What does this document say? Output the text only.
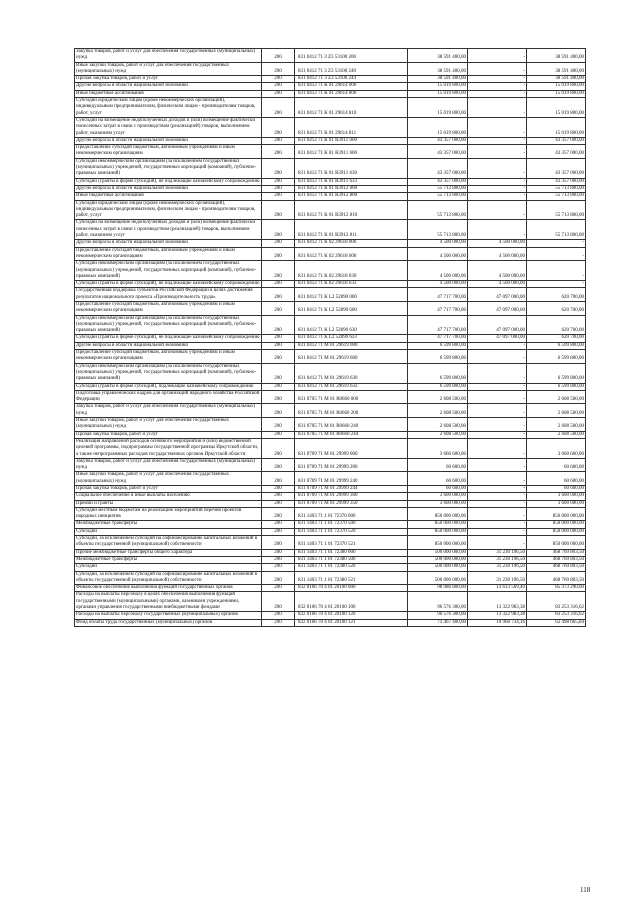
Закупка товаров, работ и услуг для обеспечения государственных (муниципальных) нужд	200	831 0412 71 3 Z3 53100 200	38 591 400,00	-	38 591 400,00
Иные закупки товаров, работ и услуг для обеспечения государственных (муниципальных) нужд	200	831 0412 71 3 Z3 53100 240	38 591 400,00	-	38 591 400,00
Прочая закупка товаров, работ и услуг	200	831 0412 71 3 Z3 53100 244	38 591 400,00	-	38 591 400,00
Другие вопросы в области национальной экономики	200	831 0412 71 К 01 29614 000	15 019 800,00	-	15 019 800,00
Иные бюджетные ассигнования	200	831 0412 71 К 01 29614 800	15 019 800,00	-	15 019 800,00
Субсидии юридическим лицам (кроме некоммерческих организаций), индивидуальным предпринимателям, физическим лицам - производителям товаров, работ, услуг	200	831 0412 71 К 01 29614 810	15 019 800,00	-	15 019 800,00
Субсидии на возмещение недополученных доходов и (или) возмещение фактически понесенных затрат в связи с производством (реализацией) товаров, выполнением работ, оказанием услуг	200	831 0412 71 К 01 29614 811	15 019 800,00	-	15 019 800,00
Другие вопросы в области национальной экономики	200	831 0412 71 К 01 R3911 000	43 357 000,00	-	43 357 000,00
Предоставление субсидий бюджетным, автономным учреждениям и иным некоммерческим организациям	200	831 0412 71 К 01 R3911 600	43 357 000,00	-	43 357 000,00
Субсидии некоммерческим организациям (за исключением государственных (муниципальных) учреждений, государственных корпораций (компаний), публично-правовых компаний)	200	831 0412 71 К 01 R3911 630	43 357 000,00	-	43 357 000,00
Субсидии (гранты в форме субсидий), не подлежащие казначейскому сопровождению	200	831 0412 71 К 01 R3911 633	43 357 000,00	-	43 357 000,00
Другие вопросы в области национальной экономики	200	831 0412 71 К 01 R3912 000	55 713 800,00	-	55 713 800,00
Иные бюджетные ассигнования	200	831 0412 71 К 01 R3912 800	55 713 800,00	-	55 713 800,00
Субсидии юридическим лицам (кроме некоммерческих организаций), индивидуальным предпринимателям, физическим лицам - производителям товаров, работ, услуг	200	831 0412 71 К 01 R3912 810	55 713 800,00	-	55 713 800,00
Субсидии на возмещение недополученных доходов и (или) возмещение фактически понесенных затрат в связи с производством (реализацией) товаров, выполнением работ, оказанием услуг	200	831 0412 71 К 01 R3912 811	55 713 800,00	-	55 713 800,00
Другие вопросы в области национальной экономики	200	831 0412 71 К 02 29618 000	4 500 000,00	4 500 000,00	-
Предоставление субсидий бюджетным, автономным учреждениям и иным некоммерческим организациям	200	831 0412 71 К 02 29618 600	4 500 000,00	4 500 000,00	-
Субсидии некоммерческим организациям (за исключением государственных (муниципальных) учреждений, государственных корпораций (компаний), публично-правовых компаний)	200	831 0412 71 К 02 29618 630	4 500 000,00	4 500 000,00	-
Субсидии (гранты в форме субсидий), не подлежащие казначейскому сопровождению	200	831 0412 71 К 02 29618 633	4 500 000,00	4 500 000,00	-
Государственная поддержка субъектов Российской Федерации в целях достижения результатов национального проекта «Производительность труда»	200	831 0412 71 К L2 52890 000	47 717 700,00	47 097 000,00	620 700,00
Предоставление субсидий бюджетным, автономным учреждениям и иным некоммерческим организациям	200	831 0412 71 К L2 52890 600	47 717 700,00	47 097 000,00	620 700,00
Субсидии некоммерческим организациям (за исключением государственных (муниципальных) учреждений, государственных корпораций (компаний), публично-правовых компаний)	200	831 0412 71 К L2 52890 630	47 717 700,00	47 097 000,00	620 700,00
Субсидии (гранты в форме субсидий), не подлежащие казначейскому сопровождению	200	831 0412 71 К L2 52890 633	47 717 700,00	47 097 000,00	620 700,00
Другие вопросы в области национальной экономики	200	831 0412 71 М 01 29619 000	6 599 800,00	-	6 599 800,00
Предоставление субсидий бюджетным, автономным учреждениям и иным некоммерческим организациям	200	831 0412 71 М 01 29619 600	6 599 800,00	-	6 599 800,00
Субсидии некоммерческим организациям (за исключением государственных (муниципальных) учреждений, государственных корпораций (компаний), публично-правовых компаний)	200	831 0412 71 М 01 29619 630	6 599 800,00	-	6 599 800,00
Субсидии (гранты в форме субсидий), подлежащие казначейскому сопровождению	200	831 0412 71 М 01 29619 632	6 599 800,00	-	6 599 800,00
Подготовка управленческих кадров для организаций народного хозяйства Российской Федерации	200	831 0705 71 М 01 R0660 000	2 608 500,00	-	2 608 500,00
Закупка товаров, работ и услуг для обеспечения государственных (муниципальных) нужд	200	831 0705 71 М 01 R0660 200	2 608 500,00	-	2 608 500,00
Иные закупки товаров, работ и услуг для обеспечения государственных (муниципальных) нужд	200	831 0705 71 М 01 R0660 240	2 608 500,00	-	2 608 500,00
Прочая закупка товаров, работ и услуг	200	831 0705 71 М 01 R0660 244	2 608 500,00	-	2 608 500,00
Реализация направлений расходов основного мероприятия и (или) ведомственной целевой программы, подпрограммы государственной программы Иркутской области, а также непрограммных расходов государственных органов Иркутской области	200	831 0709 71 М 01 29999 000	3 660 600,00	-	3 660 600,00
Закупка товаров, работ и услуг для обеспечения государственных (муниципальных) нужд	200	831 0709 71 М 01 29999 200	60 600,00	-	60 600,00
Иные закупки товаров, работ и услуг для обеспечения государственных (муниципальных) нужд	200	831 0709 71 М 01 29999 240	60 600,00	-	60 600,00
Прочая закупка товаров, работ и услуг	200	831 0709 71 М 01 29999 244	60 600,00	-	60 600,00
Социальное обеспечение и иные выплаты населению	200	831 0709 71 М 01 29999 300	3 600 000,00	-	3 600 000,00
Премии и гранты	200	831 0709 71 М 01 29999 350	3 600 000,00	-	3 600 000,00
Субсидии местным бюджетам на реализацию мероприятий перечня проектов народных инициатив	200	831 1403 71 1 01 72370 000	850 000 000,00	-	850 000 000,00
Межбюджетные трансферты	200	831 1403 71 1 01 72370 500	850 000 000,00	-	850 000 000,00
Субсидии	200	831 1403 71 1 01 72370 520	850 000 000,00	-	850 000 000,00
Субсидии, за исключением субсидий на софинансирование капитальных вложений в объекты государственной (муниципальной) собственности	200	831 1403 71 1 01 72370 521	850 000 000,00	-	850 000 000,00
Прочие межбюджетные трансферты общего характера	200	831 1403 71 1 01 72380 000	500 000 000,00	31 230 196,50	468 769 803,50
Межбюджетные трансферты	200	831 1403 71 1 01 72380 500	500 000 000,00	31 230 196,50	468 769 803,50
Субсидии	200	831 1403 71 1 01 72380 520	500 000 000,00	31 230 196,50	468 769 803,50
Субсидии, за исключением субсидий на софинансирование капитальных вложений в объекты государственной (муниципальной) собственности	200	831 1403 71 1 01 72380 521	500 000 000,00	31 230 196,50	468 769 803,50
Финансовое обеспечение выполнения функций государственных органов	200	832 0106 70 4 01 20100 000	98 986 800,00	13 613 509,40	85 373 290,60
Расходы на выплаты персоналу в целях обеспечения выполнения функций государственными (муниципальными) органами, казенными учреждениями, органами управления государственными внебюджетными фондами	200	832 0106 70 4 01 20100 100	96 576 300,00	13 322 983,38	83 253 316,62
Расходы на выплаты персоналу государственных (муниципальных) органов	200	832 0106 70 4 01 20100 120	96 576 300,00	13 322 983,38	83 253 316,62
Фонд оплаты труда государственных (муниципальных) органов	200	832 0106 70 4 01 20100 121	73 467 400,00	10 968 734,16	62 498 665,84
118
